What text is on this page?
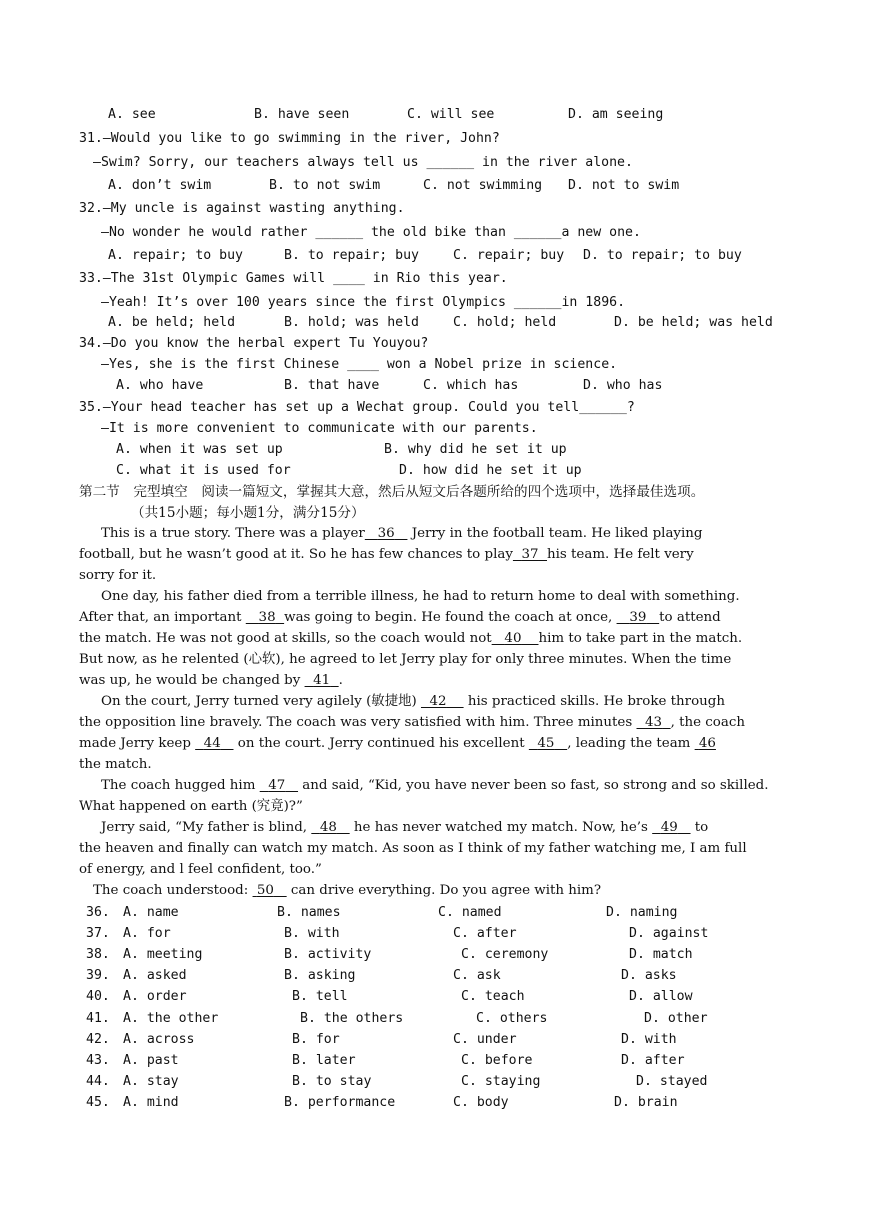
A. see	B. have seen	C. will see	D. am seeing
31.—Would you like to go swimming in the river, John?
—Swim? Sorry, our teachers always tell us ______ in the river alone.
A. don’t swim	B. to not swim	C. not swimming D. not to swim
32.—My uncle is against wasting anything.
—No wonder he would rather ______ the old bike than ______a new one.
A. repair; to buy	B. to repair; buy	C. repair; buy D. to repair; to buy
33.—The 31st Olympic Games will ____ in Rio this year.
—Yeah! It’s over 100 years since the first Olympics ______in 1896.
A. be held; held	B. hold; was held	C. hold; held	D. be held; was held
34.—Do you know the herbal expert Tu Youyou?
—Yes, she is the first Chinese ____ won a Nobel prize in science.
A. who have	B. that have	C. which has	D. who has
35.—Your head teacher has set up a Wechat group. Could you tell______?
—It is more convenient to communicate with our parents.
A. when it was set up	B. why did he set it up
C. what it is used for	D. how did he set it up
第二节　完型填空　阅读一篇短文，掌握其大意，然后从短文后各题所给的四个选项中，选择最佳选项。
（共15小题；每小题1分，满分15分）
This is a true story. There was a player 36 Jerry in the football team. He liked playing
football, but he wasn’t good at it. So he has few chances to play 37 his team. He felt very
sorry for it.
One day, his father died from a terrible illness, he had to return home to deal with something.
After that, an important 38 was going to begin. He found the coach at once, 39 to attend
the match. He was not good at skills, so the coach would not 40 him to take part in the match.
But now, as he relented (心软), he agreed to let Jerry play for only three minutes. When the time
was up, he would be changed by 41 .
On the court, Jerry turned very agilely (敏捷地) 42 his practiced skills. He broke through
the opposition line bravely. The coach was very satisfied with him. Three minutes 43 , the coach
made Jerry keep 44 on the court. Jerry continued his excellent 45 , leading the team 46
the match.
The coach hugged him 47 and said, “Kid, you have never been so fast, so strong and so skilled.
What happened on earth (究竟)?”
Jerry said, “My father is blind, 48 he has never watched my match. Now, he’s 49 to
the heaven and finally can watch my match. As soon as I think of my father watching me, I am full
of energy, and l feel confident, too.”
The coach understood: 50 can drive everything. Do you agree with him?
36. A. name	B. names	C. named	D. naming
37. A. for	B. with	C. after	D. against
38. A. meeting	B. activity	C. ceremony	D. match
39. A. asked	B. asking	C. ask	D. asks
40. A. order	B. tell	C. teach	D. allow
41. A. the other	B. the others	C. others	D. other
42. A. across	B. for	C. under	D. with
43. A. past	B. later	C. before	D. after
44. A. stay	B. to stay	C. staying	D. stayed
45. A. mind	B. performance	C. body	D. brain
